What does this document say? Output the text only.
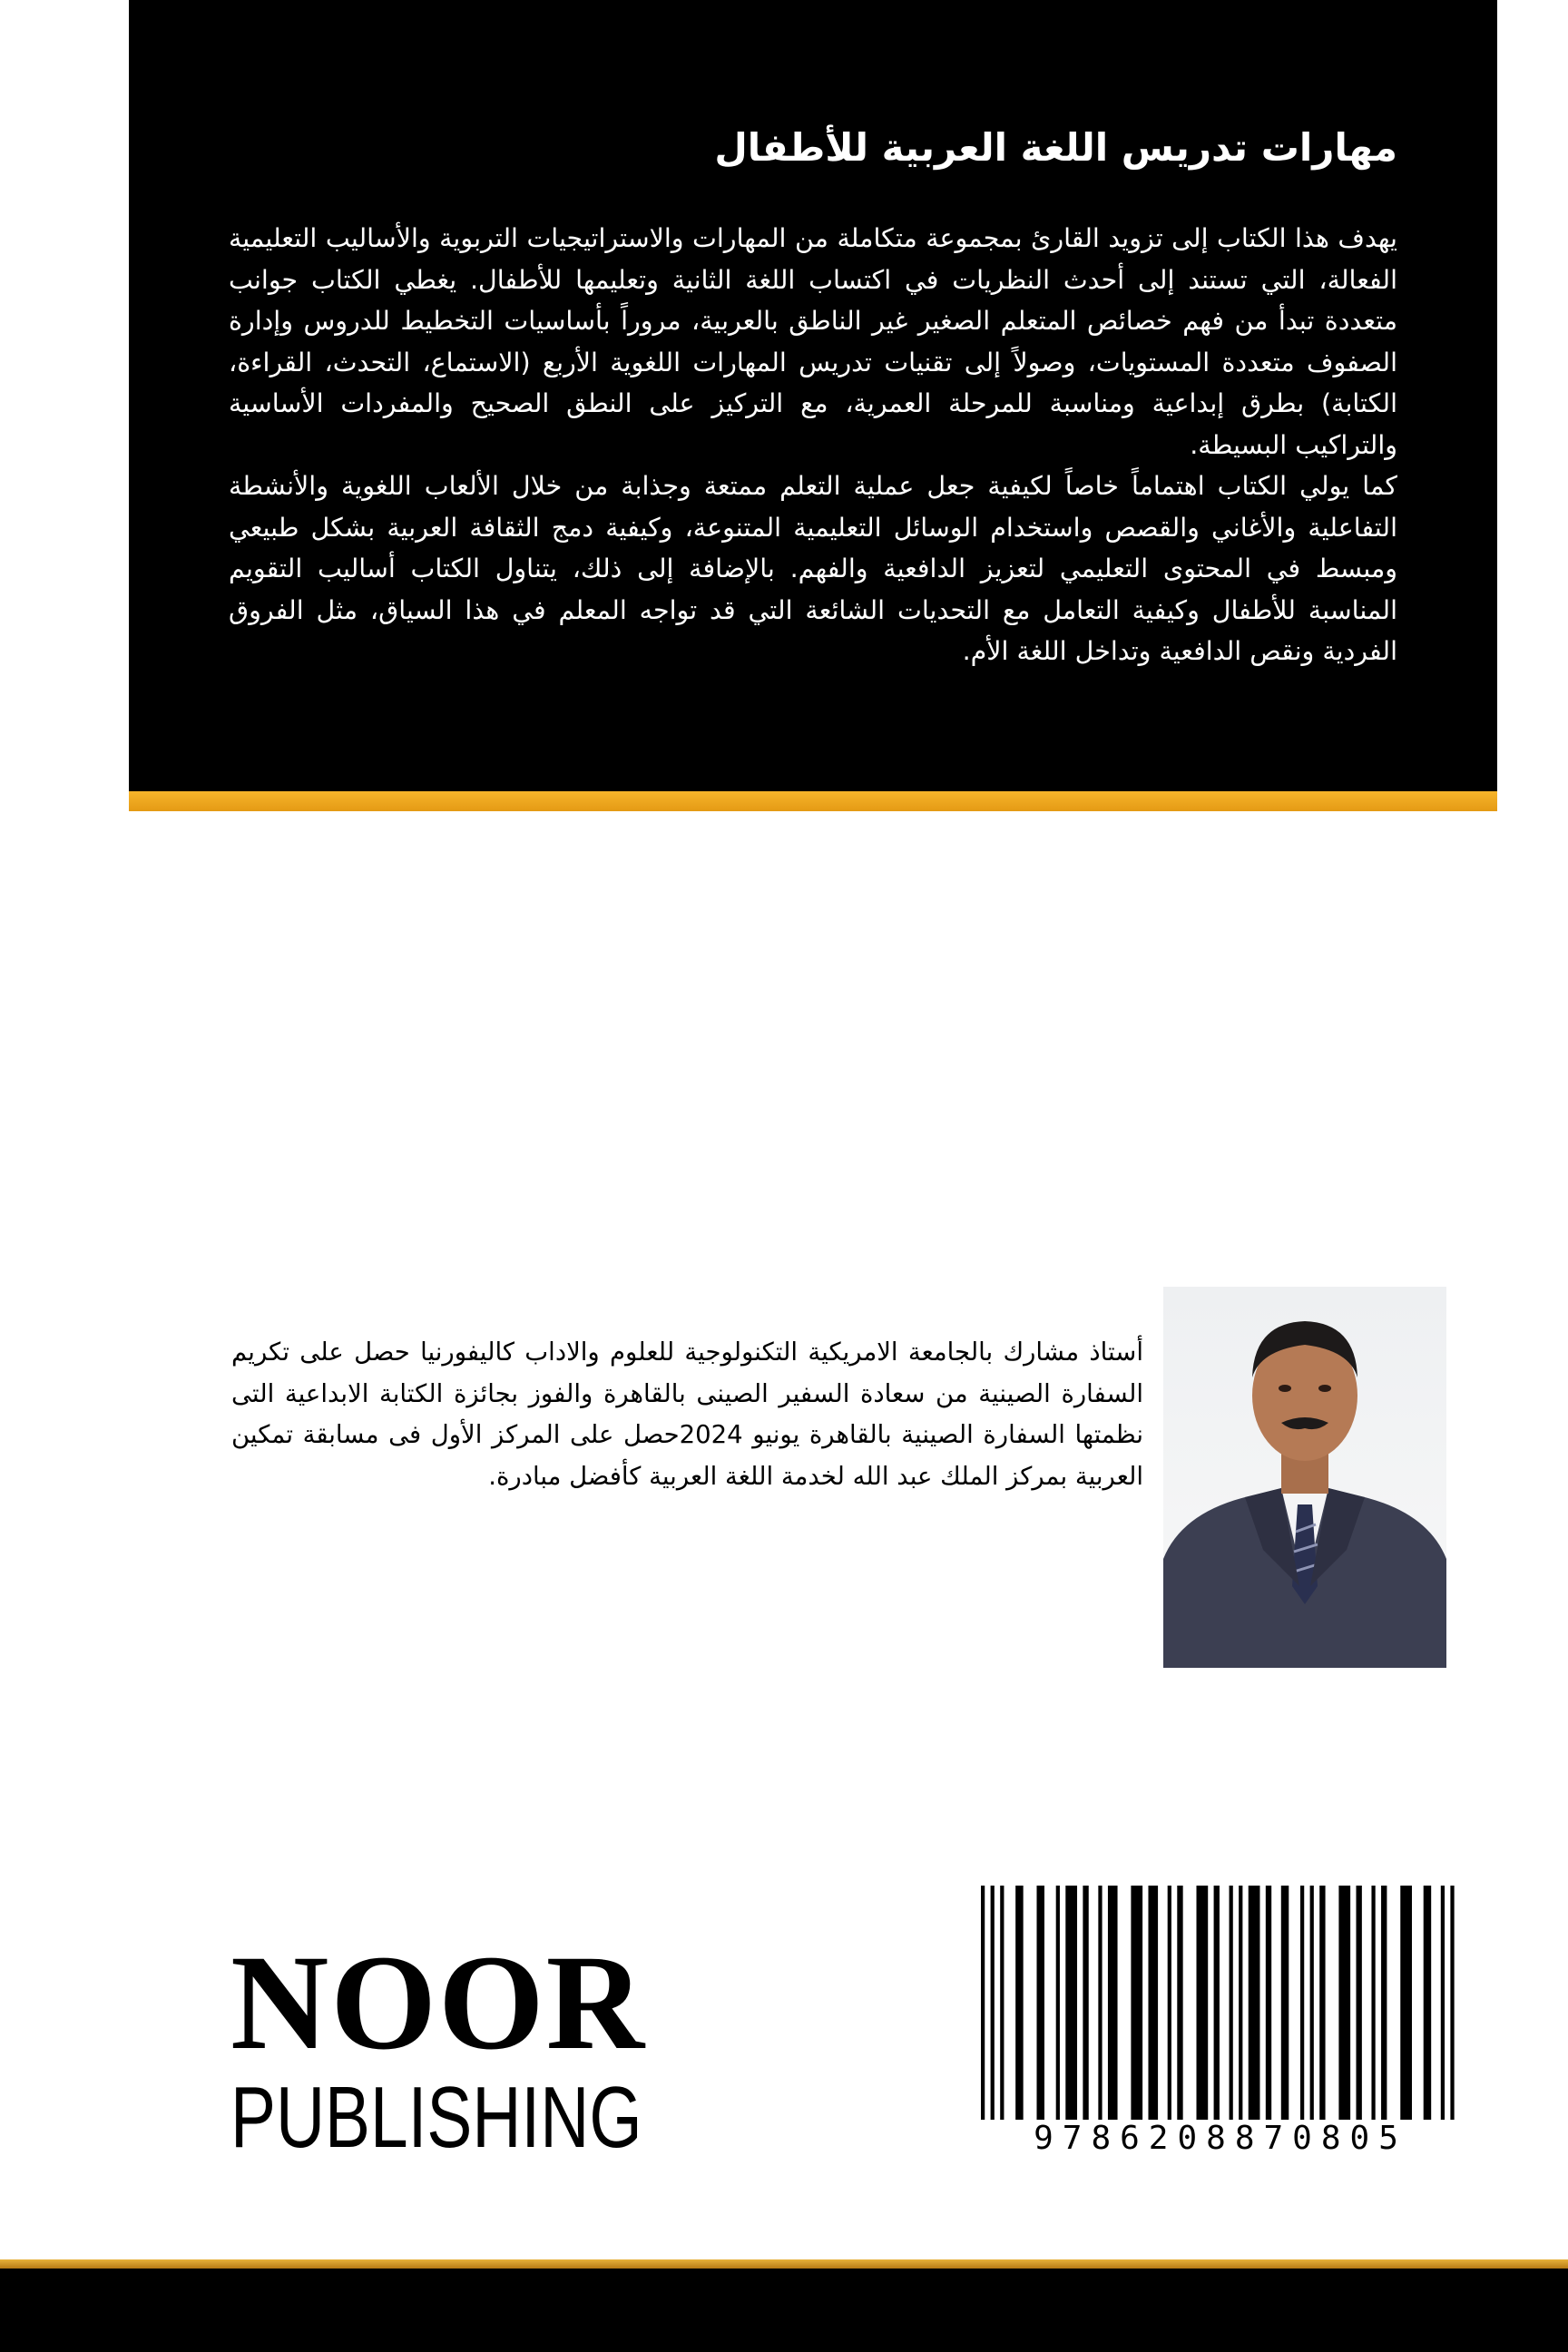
مهارات تدريس اللغة العربية للأطفال

يهدف هذا الكتاب إلى تزويد القارئ بمجموعة متكاملة من المهارات والاستراتيجيات التربوية والأساليب التعليمية الفعالة، التي تستند إلى أحدث النظريات في اكتساب اللغة الثانية وتعليمها للأطفال. يغطي الكتاب جوانب متعددة تبدأ من فهم خصائص المتعلم الصغير غير الناطق بالعربية، مروراً بأساسيات التخطيط للدروس وإدارة الصفوف متعددة المستويات، وصولاً إلى تقنيات تدريس المهارات اللغوية الأربع (الاستماع، التحدث، القراءة، الكتابة) بطرق إبداعية ومناسبة للمرحلة العمرية، مع التركيز على النطق الصحيح والمفردات الأساسية والتراكيب البسيطة.

كما يولي الكتاب اهتماماً خاصاً لكيفية جعل عملية التعلم ممتعة وجذابة من خلال الألعاب اللغوية والأنشطة التفاعلية والأغاني والقصص واستخدام الوسائل التعليمية المتنوعة، وكيفية دمج الثقافة العربية بشكل طبيعي ومبسط في المحتوى التعليمي لتعزيز الدافعية والفهم. بالإضافة إلى ذلك، يتناول الكتاب أساليب التقويم المناسبة للأطفال وكيفية التعامل مع التحديات الشائعة التي قد تواجه المعلم في هذا السياق، مثل الفروق الفردية ونقص الدافعية وتداخل اللغة الأم.

أستاذ مشارك بالجامعة الامريكية التكنولوجية للعلوم والاداب كاليفورنيا حصل على تكريم السفارة الصينية من سعادة السفير الصينى بالقاهرة والفوز بجائزة الكتابة الابداعية التى نظمتها السفارة الصينية بالقاهرة يونيو 2024حصل على المركز الأول فى مسابقة تمكين العربية بمركز الملك عبد الله لخدمة اللغة العربية كأفضل مبادرة.
NOOR
PUBLISHING	9786208870805
